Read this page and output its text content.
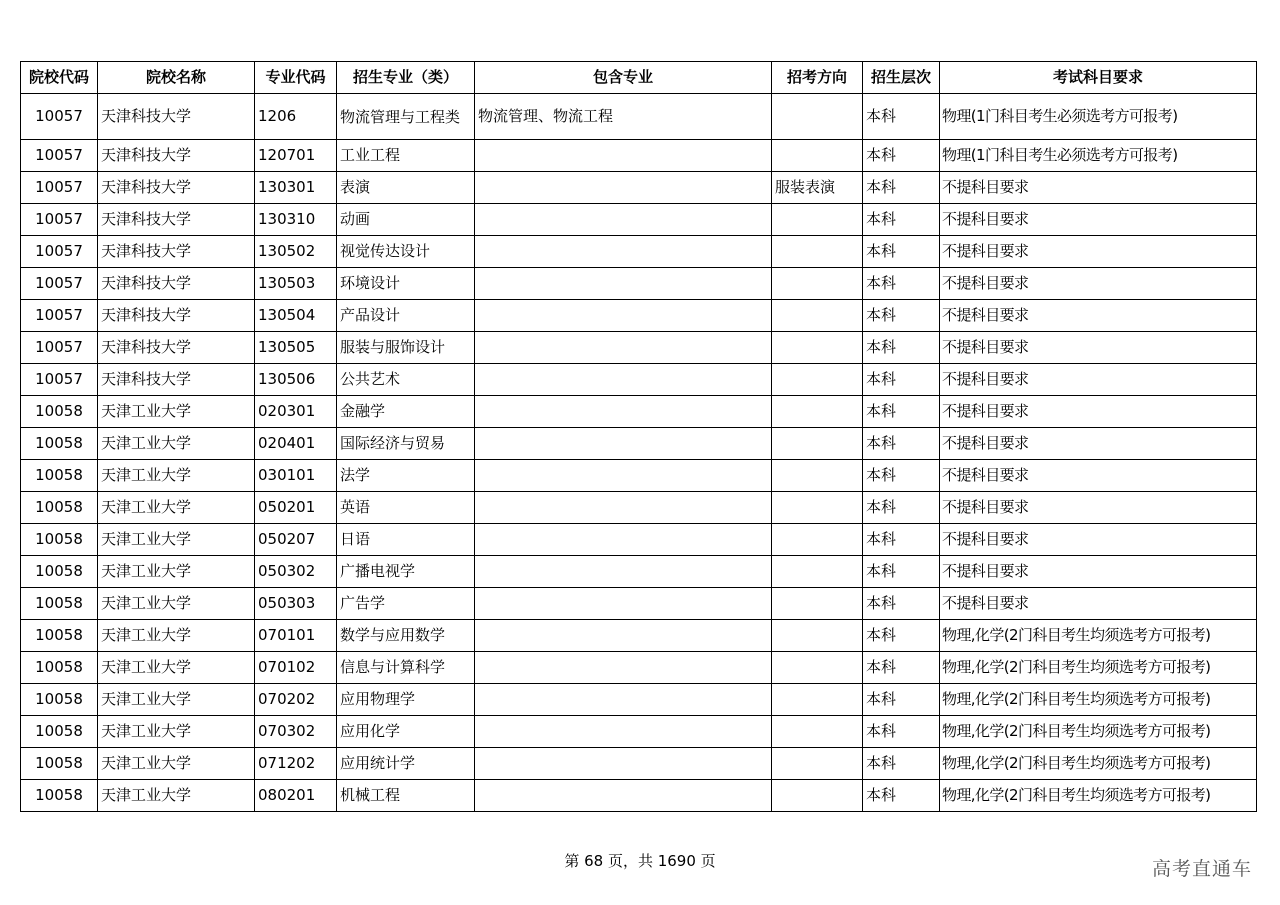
院校代码	院校名称	专业代码	招生专业（类）	包含专业	招考方向	招生层次	考试科目要求
10057	天津科技大学	1206	物流管理与工程类	物流管理、物流工程		本科	物理(1门科目考生必须选考方可报考)
10057	天津科技大学	120701	工业工程			本科	物理(1门科目考生必须选考方可报考)
10057	天津科技大学	130301	表演		服装表演	本科	不提科目要求
10057	天津科技大学	130310	动画			本科	不提科目要求
10057	天津科技大学	130502	视觉传达设计			本科	不提科目要求
10057	天津科技大学	130503	环境设计			本科	不提科目要求
10057	天津科技大学	130504	产品设计			本科	不提科目要求
10057	天津科技大学	130505	服装与服饰设计			本科	不提科目要求
10057	天津科技大学	130506	公共艺术			本科	不提科目要求
10058	天津工业大学	020301	金融学			本科	不提科目要求
10058	天津工业大学	020401	国际经济与贸易			本科	不提科目要求
10058	天津工业大学	030101	法学			本科	不提科目要求
10058	天津工业大学	050201	英语			本科	不提科目要求
10058	天津工业大学	050207	日语			本科	不提科目要求
10058	天津工业大学	050302	广播电视学			本科	不提科目要求
10058	天津工业大学	050303	广告学			本科	不提科目要求
10058	天津工业大学	070101	数学与应用数学			本科	物理,化学(2门科目考生均须选考方可报考)
10058	天津工业大学	070102	信息与计算科学			本科	物理,化学(2门科目考生均须选考方可报考)
10058	天津工业大学	070202	应用物理学			本科	物理,化学(2门科目考生均须选考方可报考)
10058	天津工业大学	070302	应用化学			本科	物理,化学(2门科目考生均须选考方可报考)
10058	天津工业大学	071202	应用统计学			本科	物理,化学(2门科目考生均须选考方可报考)
10058	天津工业大学	080201	机械工程			本科	物理,化学(2门科目考生均须选考方可报考)
第 68 页，共 1690 页	高考直通车
